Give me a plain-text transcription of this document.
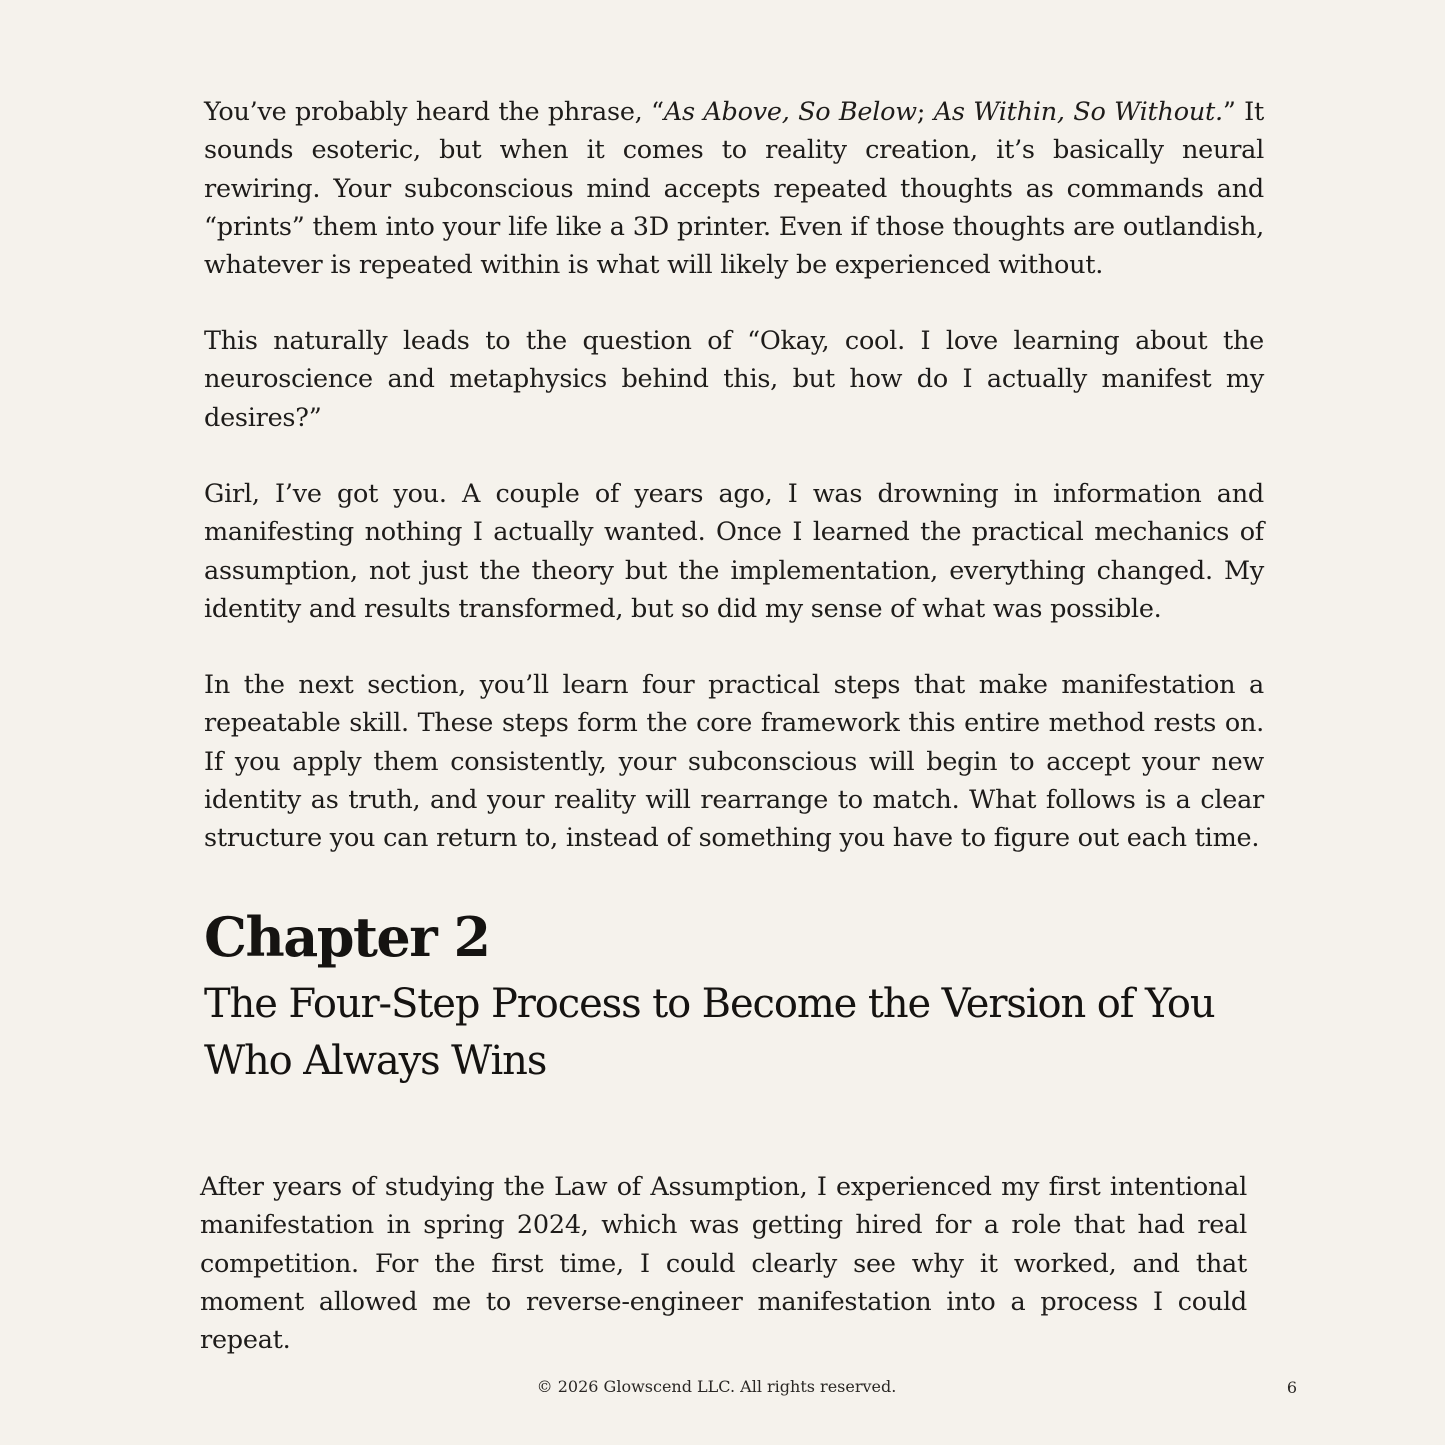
You’ve probably heard the phrase, “As Above, So Below; As Within, So Without.” It sounds esoteric, but when it comes to reality creation, it’s basically neural rewiring. Your subconscious mind accepts repeated thoughts as commands and “prints” them into your life like a 3D printer. Even if those thoughts are outlandish, whatever is repeated within is what will likely be experienced without.

This naturally leads to the question of “Okay, cool. I love learning about the neuroscience and metaphysics behind this, but how do I actually manifest my desires?”

Girl, I’ve got you. A couple of years ago, I was drowning in information and manifesting nothing I actually wanted. Once I learned the practical mechanics of assumption, not just the theory but the implementation, everything changed. My identity and results transformed, but so did my sense of what was possible.

In the next section, you’ll learn four practical steps that make manifestation a repeatable skill. These steps form the core framework this entire method rests on. If you apply them consistently, your subconscious will begin to accept your new identity as truth, and your reality will rearrange to match. What follows is a clear structure you can return to, instead of something you have to figure out each time.

Chapter 2
The Four-Step Process to Become the Version of You Who Always Wins

After years of studying the Law of Assumption, I experienced my first intentional manifestation in spring 2024, which was getting hired for a role that had real competition. For the first time, I could clearly see why it worked, and that moment allowed me to reverse-engineer manifestation into a process I could repeat.

© 2026 Glowscend LLC. All rights reserved.	6
